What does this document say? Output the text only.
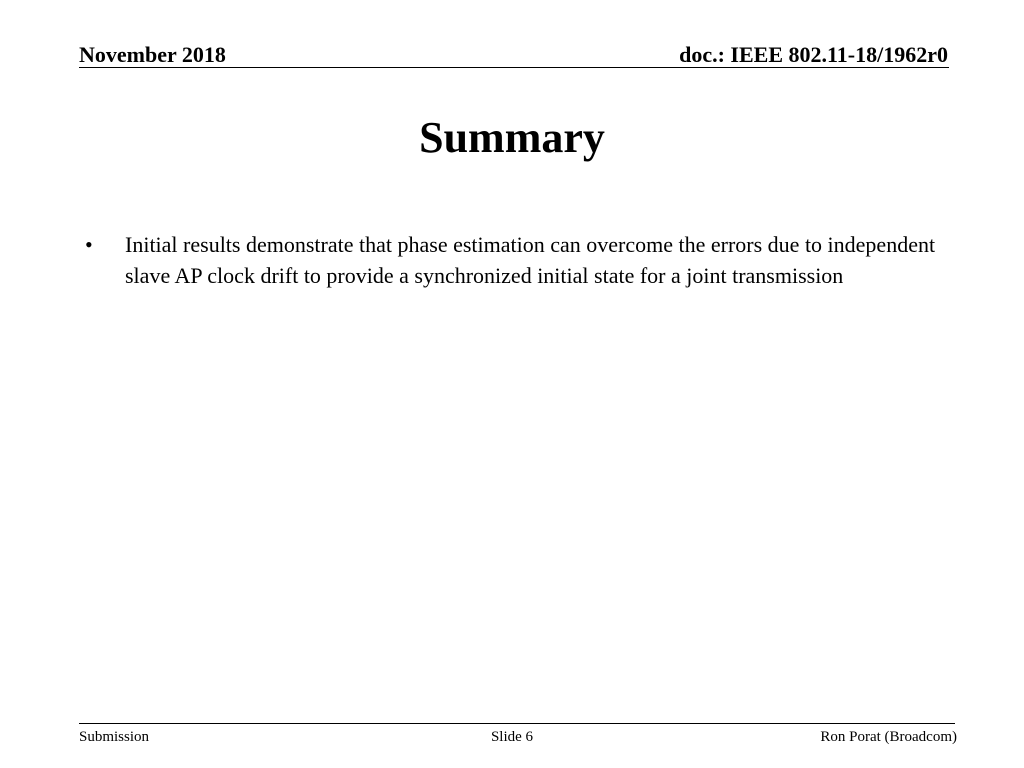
November 2018	doc.: IEEE 802.11-18/1962r0
Summary
• Initial results demonstrate that phase estimation can overcome the errors due to independent slave AP clock drift to provide a synchronized initial state for a joint transmission
Submission	Slide 6	Ron Porat (Broadcom)
